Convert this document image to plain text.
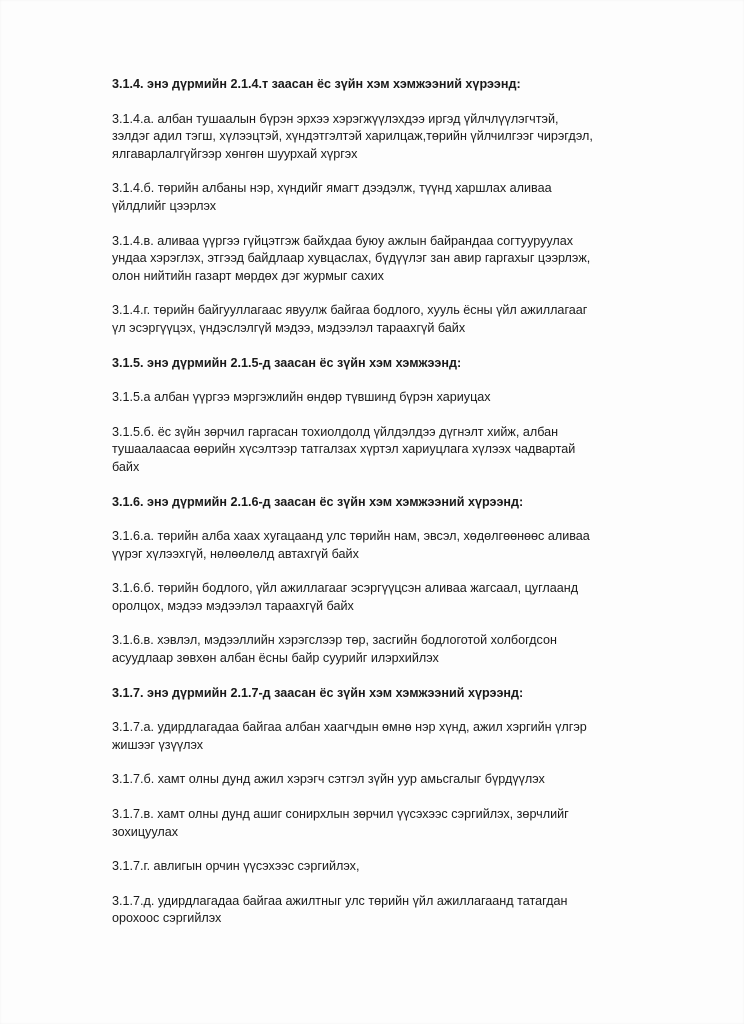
3.1.4. энэ дүрмийн 2.1.4.т заасан ёс зүйн хэм хэмжээний хүрээнд:
3.1.4.а. албан тушаалын бүрэн эрхээ хэрэгжүүлэхдээ иргэд үйлчлүүлэгчтэй,
зэлдэг адил тэгш, хүлээцтэй, хүндэтгэлтэй харилцаж,төрийн үйлчилгээг чирэгдэл,
ялгаварлалгүйгээр хөнгөн шуурхай хүргэх
3.1.4.б. төрийн албаны нэр, хүндийг ямагт дээдэлж, түүнд харшлах аливаа
үйлдлийг цээрлэх
3.1.4.в. аливаа үүргээ гүйцэтгэж байхдаа буюу ажлын байрандаа согтууруулах
ундаа хэрэглэх, этгээд байдлаар хувцаслах, бүдүүлэг зан авир гаргахыг цээрлэж,
олон нийтийн газарт мөрдөх дэг журмыг сахих
3.1.4.г. төрийн байгууллагаас явуулж байгаа бодлого, хууль ёсны үйл ажиллагааг
үл эсэргүүцэх, үндэслэлгүй мэдээ, мэдээлэл тараахгүй байх
3.1.5. энэ дүрмийн 2.1.5-д заасан ёс зүйн хэм хэмжээнд:
3.1.5.а албан үүргээ мэргэжлийн өндөр түвшинд бүрэн хариуцах
3.1.5.б. ёс зүйн зөрчил гаргасан тохиолдолд үйлдэлдээ дүгнэлт хийж, албан
тушаалаасаа өөрийн хүсэлтээр татгалзах хүртэл хариуцлага хүлээх чадвартай
байх
3.1.6. энэ дүрмийн 2.1.6-д заасан ёс зүйн хэм хэмжээний хүрээнд:
3.1.6.а. төрийн алба хаах хугацаанд улс төрийн нам, эвсэл, хөдөлгөөнөөс аливаа
үүрэг хүлээхгүй, нөлөөлөлд автахгүй байх
3.1.6.б. төрийн бодлого, үйл ажиллагааг эсэргүүцсэн аливаа жагсаал, цуглаанд
оролцох, мэдээ мэдээлэл тараахгүй байх
3.1.6.в. хэвлэл, мэдээллийн хэрэгслээр төр, засгийн бодлоготой холбогдсон
асуудлаар зөвхөн албан ёсны байр суурийг илэрхийлэх
3.1.7. энэ дүрмийн 2.1.7-д заасан ёс зүйн хэм хэмжээний хүрээнд:
3.1.7.а. удирдлагадаа байгаа албан хаагчдын өмнө нэр хүнд, ажил хэргийн үлгэр
жишээг үзүүлэх
3.1.7.б. хамт олны дунд ажил хэрэгч сэтгэл зүйн уур амьсгалыг бүрдүүлэх
3.1.7.в. хамт олны дунд ашиг сонирхлын зөрчил үүсэхээс сэргийлэх, зөрчлийг
зохицуулах
3.1.7.г. авлигын орчин үүсэхээс сэргийлэх,
3.1.7.д. удирдлагадаа байгаа ажилтныг улс төрийн үйл ажиллагаанд татагдан
орохоос сэргийлэх
